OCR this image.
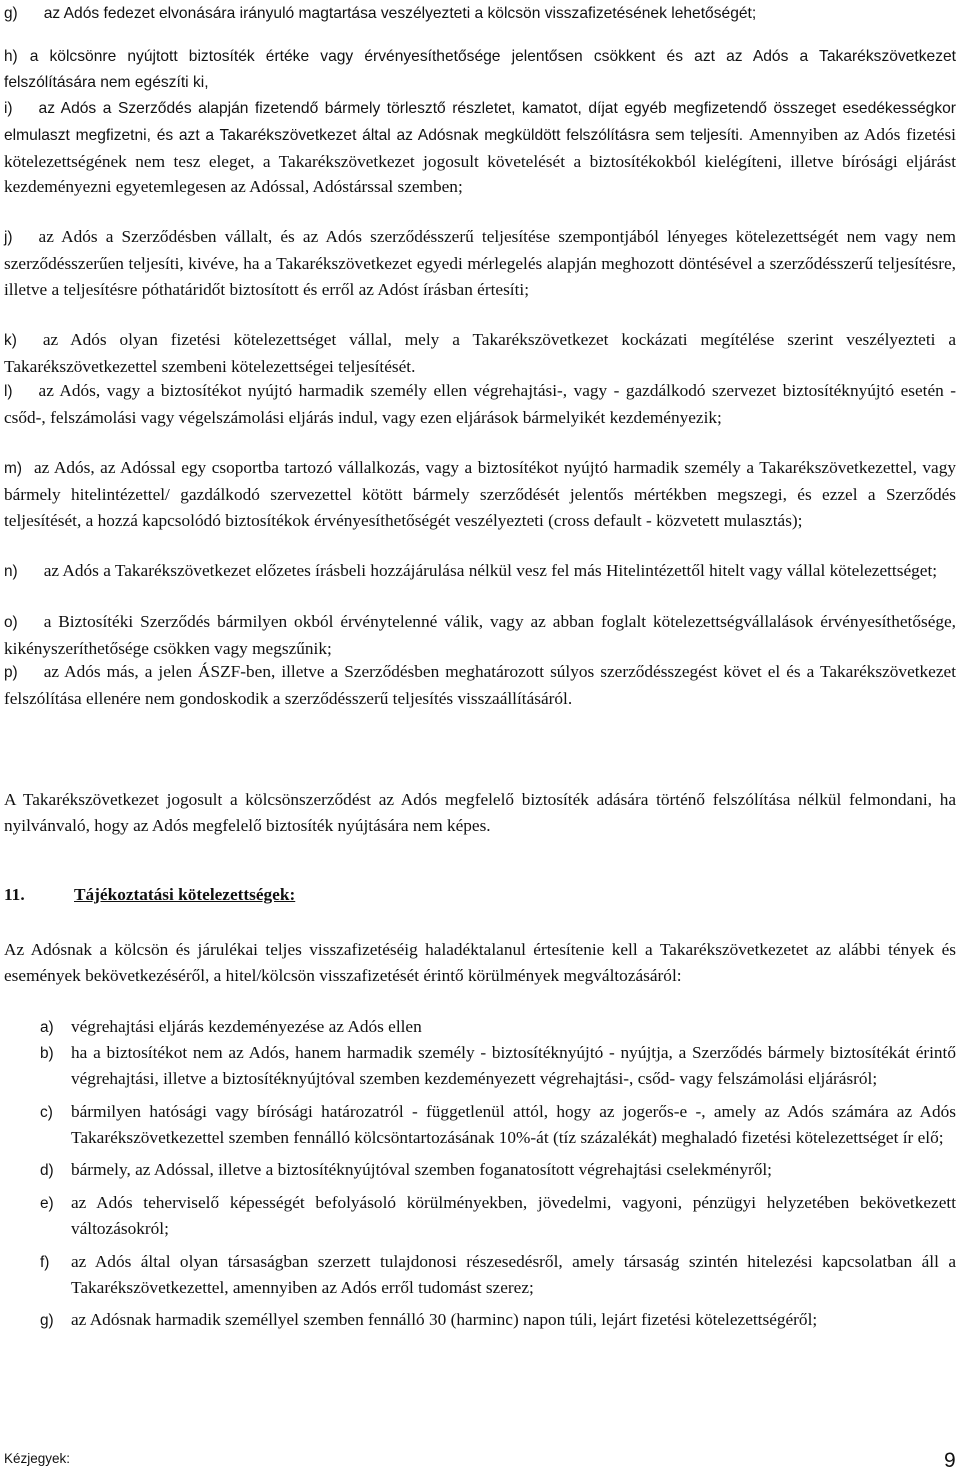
g) az Adós fedezet elvonására irányuló magtartása veszélyezteti a kölcsön visszafizetésének lehetőségét;
h) a kölcsönre nyújtott biztosíték értéke vagy érvényesíthetősége jelentősen csökkent és azt az Adós a Takarékszövetkezet felszólítására nem egészíti ki,
i) az Adós a Szerződés alapján fizetendő bármely törlesztő részletet, kamatot, díjat egyéb megfizetendő összeget esedékességkor elmulaszt megfizetni, és azt a Takarékszövetkezet által az Adósnak megküldött felszólításra sem teljesíti. Amennyiben az Adós fizetési kötelezettségének nem tesz eleget, a Takarékszövetkezet jogosult követelését a biztosítékokból kielégíteni, illetve bírósági eljárást kezdeményezni egyetemlegesen az Adóssal, Adóstárssal szemben;
j) az Adós a Szerződésben vállalt, és az Adós szerződésszerű teljesítése szempontjából lényeges kötelezettségét nem vagy nem szerződésszerűen teljesíti, kivéve, ha a Takarékszövetkezet egyedi mérlegelés alapján meghozott döntésével a szerződésszerű teljesítésre, illetve a teljesítésre póthatáridőt biztosított és erről az Adóst írásban értesíti;
k) az Adós olyan fizetési kötelezettséget vállal, mely a Takarékszövetkezet kockázati megítélése szerint veszélyezteti a Takarékszövetkezettel szembeni kötelezettségei teljesítését.
l) az Adós, vagy a biztosítékot nyújtó harmadik személy ellen végrehajtási-, vagy - gazdálkodó szervezet biztosítéknyújtó esetén - csőd-, felszámolási vagy végelszámolási eljárás indul, vagy ezen eljárások bármelyikét kezdeményezik;
m) az Adós, az Adóssal egy csoportba tartozó vállalkozás, vagy a biztosítékot nyújtó harmadik személy a Takarékszövetkezettel, vagy bármely hitelintézettel/ gazdálkodó szervezettel kötött bármely szerződését jelentős mértékben megszegi, és ezzel a Szerződés teljesítését, a hozzá kapcsolódó biztosítékok érvényesíthetőségét veszélyezteti (cross default - közvetett mulasztás);
n) az Adós a Takarékszövetkezet előzetes írásbeli hozzájárulása nélkül vesz fel más Hitelintézettől hitelt vagy vállal kötelezettséget;
o) a Biztosítéki Szerződés bármilyen okból érvénytelenné válik, vagy az abban foglalt kötelezettségvállalások érvényesíthetősége, kikényszeríthetősége csökken vagy megszűnik;
p) az Adós más, a jelen ÁSZF-ben, illetve a Szerződésben meghatározott súlyos szerződésszegést követ el és a Takarékszövetkezet felszólítása ellenére nem gondoskodik a szerződésszerű teljesítés visszaállításáról.
A Takarékszövetkezet jogosult a kölcsönszerződést az Adós megfelelő biztosíték adására történő felszólítása nélkül felmondani, ha nyilvánvaló, hogy az Adós megfelelő biztosíték nyújtására nem képes.
11.	Tájékoztatási kötelezettségek:
Az Adósnak a kölcsön és járulékai teljes visszafizetéséig haladéktalanul értesítenie kell a Takarékszövetkezetet az alábbi tények és események bekövetkezéséről, a hitel/kölcsön visszafizetését érintő körülmények megváltozásáról:
a) végrehajtási eljárás kezdeményezése az Adós ellen
b) ha a biztosítékot nem az Adós, hanem harmadik személy - biztosítéknyújtó - nyújtja, a Szerződés bármely biztosítékát érintő végrehajtási, illetve a biztosítéknyújtóval szemben kezdeményezett végrehajtási-, csőd- vagy felszámolási eljárásról;
c) bármilyen hatósági vagy bírósági határozatról - függetlenül attól, hogy az jogerős-e -, amely az Adós számára az Adós Takarékszövetkezettel szemben fennálló kölcsöntartozásának 10%-át (tíz százalékát) meghaladó fizetési kötelezettséget ír elő;
d) bármely, az Adóssal, illetve a biztosítéknyújtóval szemben foganatosított végrehajtási cselekményről;
e) az Adós teherviselő képességét befolyásoló körülményekben, jövedelmi, vagyoni, pénzügyi helyzetében bekövetkezett változásokról;
f) az Adós által olyan társaságban szerzett tulajdonosi részesedésről, amely társaság szintén hitelezési kapcsolatban áll a Takarékszövetkezettel, amennyiben az Adós erről tudomást szerez;
g) az Adósnak harmadik személlyel szemben fennálló 30 (harminc) napon túli, lejárt fizetési kötelezettségéről;
Kézjegyek:	9
